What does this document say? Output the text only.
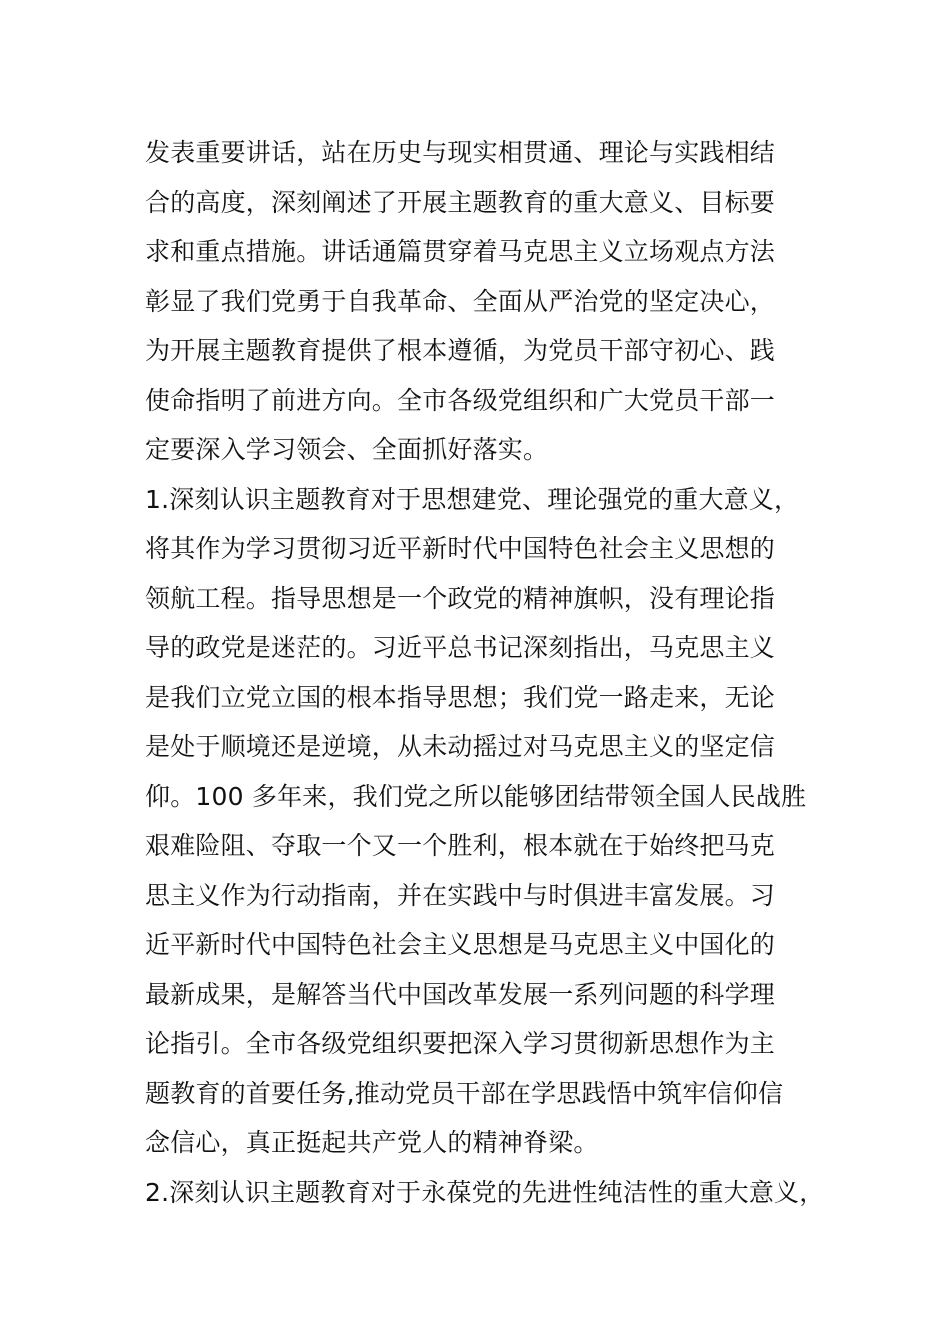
发表重要讲话，站在历史与现实相贯通、理论与实践相结
合的高度，深刻阐述了开展主题教育的重大意义、目标要
求和重点措施。讲话通篇贯穿着马克思主义立场观点方法
彰显了我们党勇于自我革命、全面从严治党的坚定决心，
为开展主题教育提供了根本遵循，为党员干部守初心、践
使命指明了前进方向。全市各级党组织和广大党员干部一
定要深入学习领会、全面抓好落实。
1.深刻认识主题教育对于思想建党、理论强党的重大意义，
将其作为学习贯彻习近平新时代中国特色社会主义思想的
领航工程。指导思想是一个政党的精神旗帜，没有理论指
导的政党是迷茫的。习近平总书记深刻指出，马克思主义
是我们立党立国的根本指导思想；我们党一路走来，无论
是处于顺境还是逆境，从未动摇过对马克思主义的坚定信
仰。100 多年来，我们党之所以能够团结带领全国人民战胜
艰难险阻、夺取一个又一个胜利，根本就在于始终把马克
思主义作为行动指南，并在实践中与时俱进丰富发展。习
近平新时代中国特色社会主义思想是马克思主义中国化的
最新成果，是解答当代中国改革发展一系列问题的科学理
论指引。全市各级党组织要把深入学习贯彻新思想作为主
题教育的首要任务,推动党员干部在学思践悟中筑牢信仰信
念信心，真正挺起共产党人的精神脊梁。
2.深刻认识主题教育对于永葆党的先进性纯洁性的重大意义，
